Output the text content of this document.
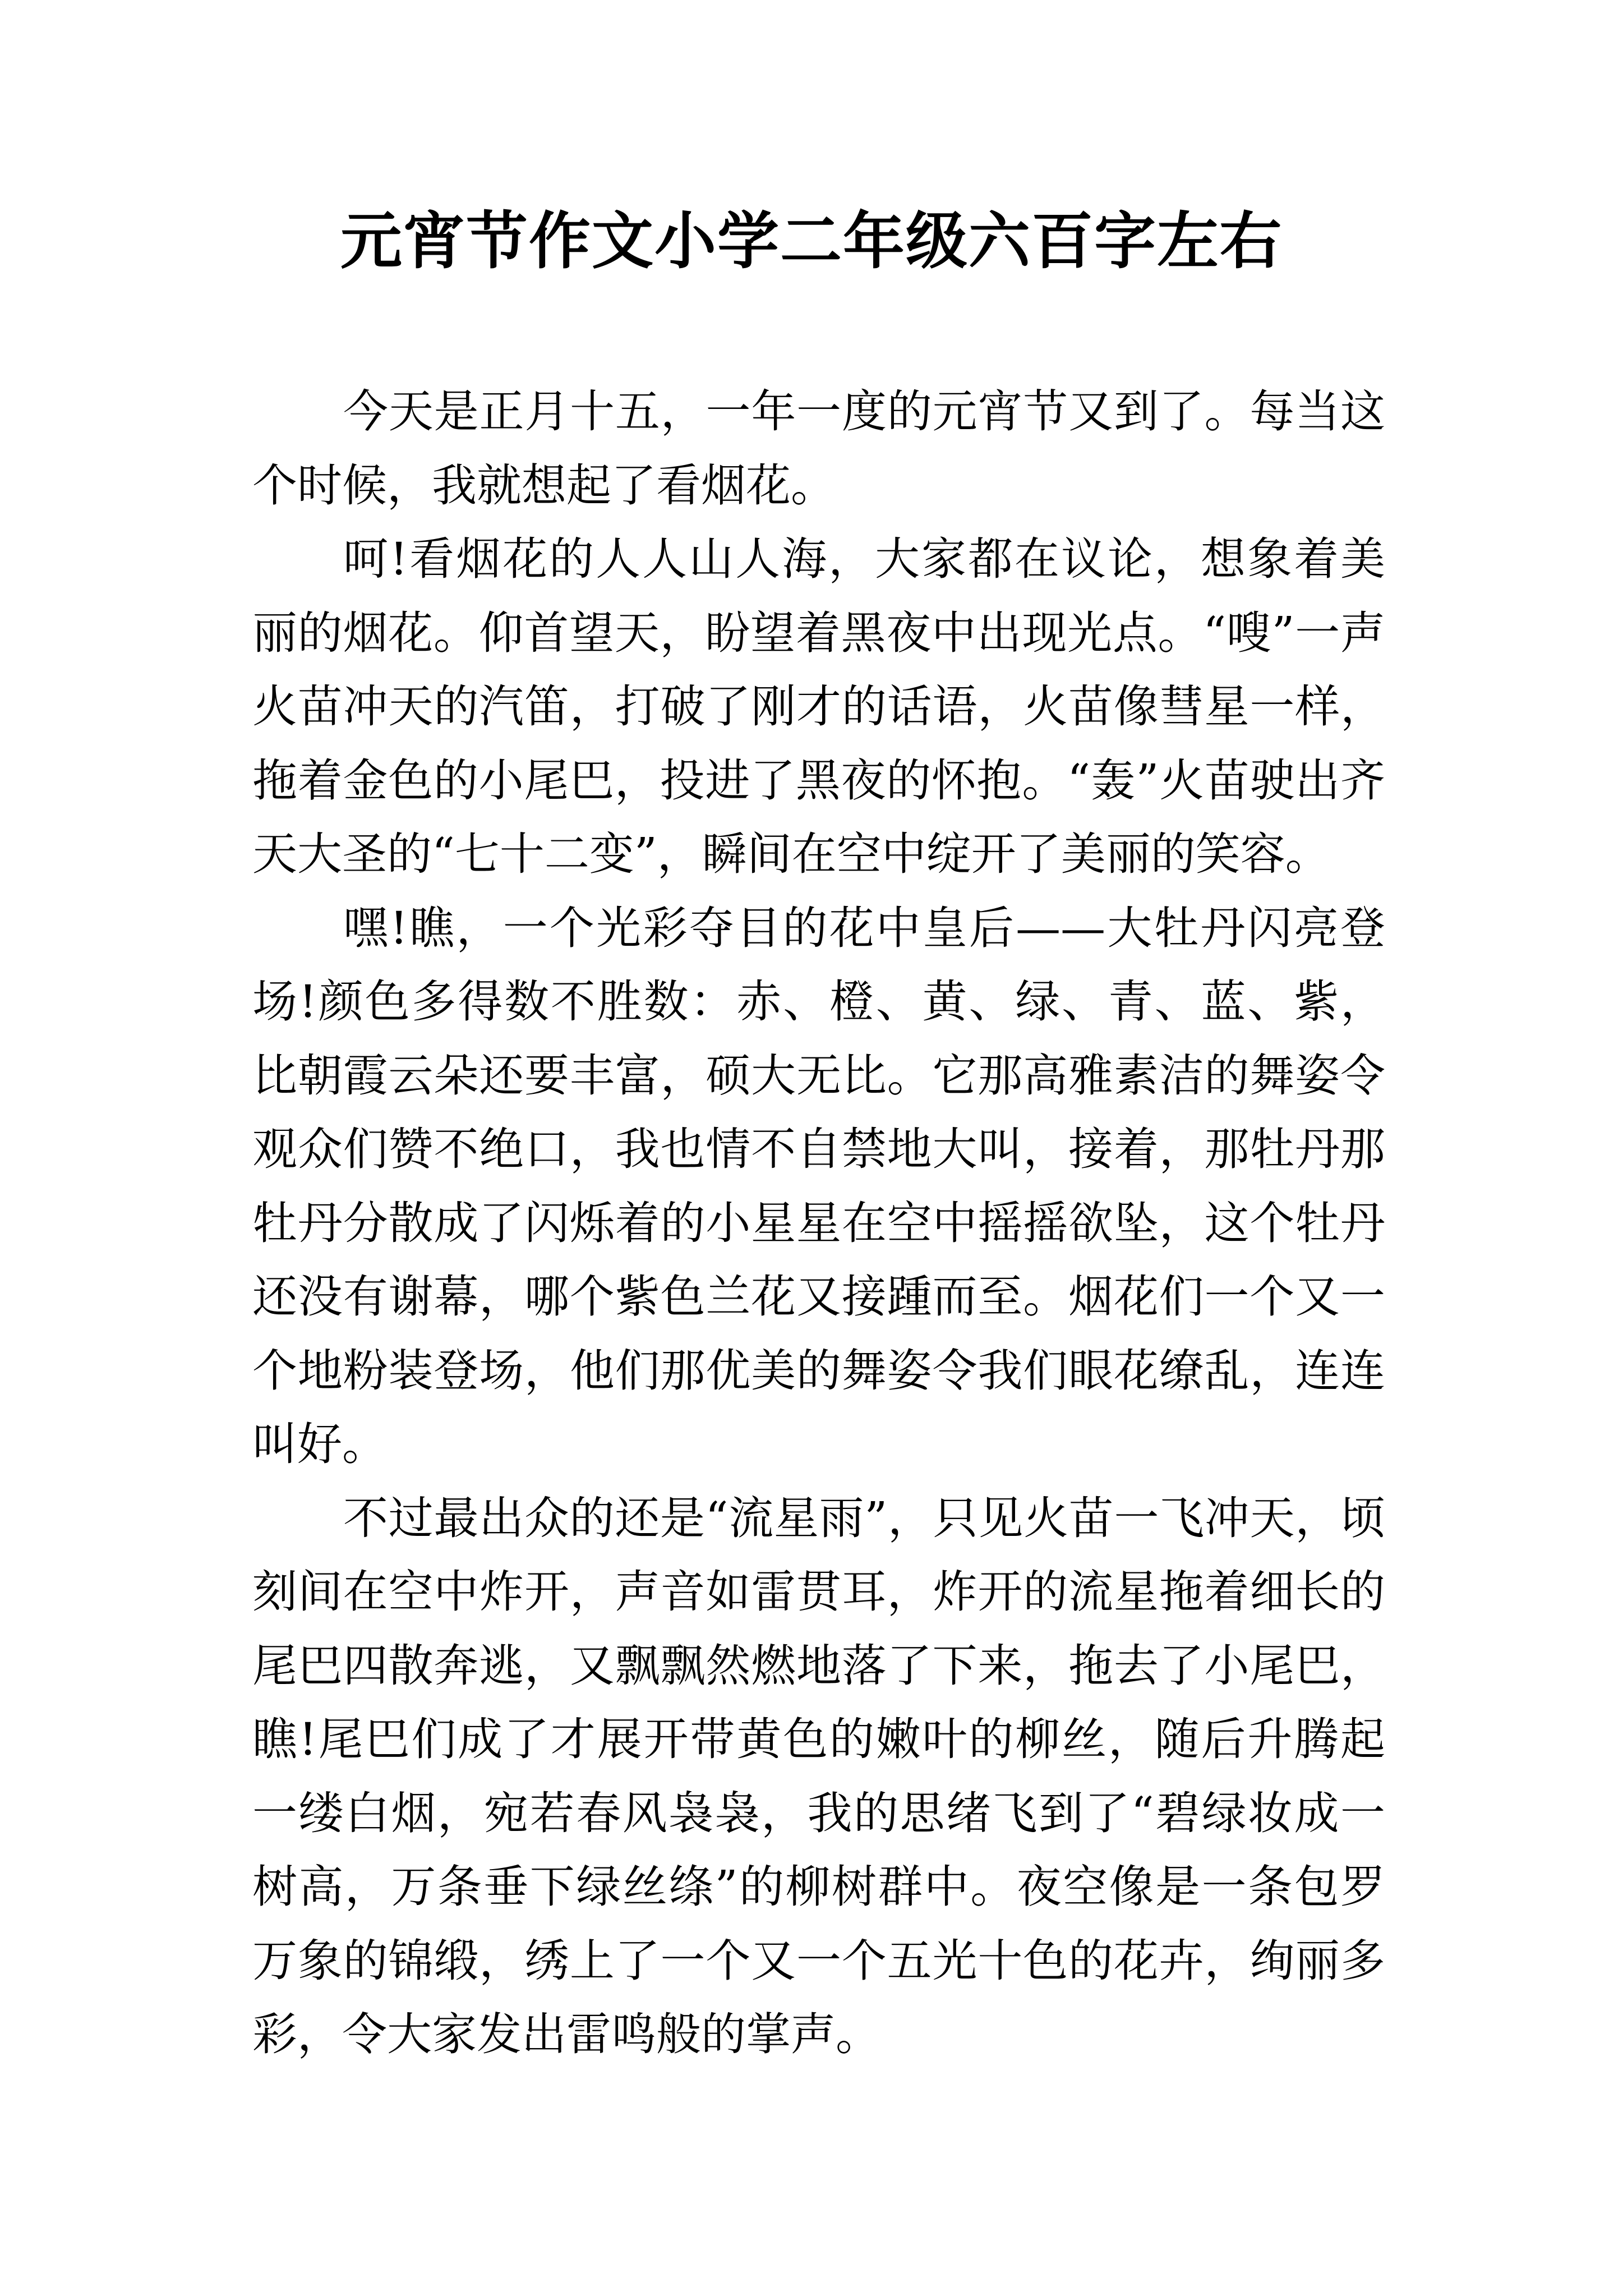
元宵节作文小学二年级六百字左右

今天是正月十五，一年一度的元宵节又到了。每当这个时候，我就想起了看烟花。

呵!看烟花的人人山人海，大家都在议论，想象着美丽的烟花。仰首望天，盼望着黑夜中出现光点。“嗖”一声火苗冲天的汽笛，打破了刚才的话语，火苗像彗星一样，拖着金色的小尾巴，投进了黑夜的怀抱。“轰”火苗驶出齐天大圣的“七十二变”，瞬间在空中绽开了美丽的笑容。

嘿!瞧，一个光彩夺目的花中皇后——大牡丹闪亮登场!颜色多得数不胜数：赤、橙、黄、绿、青、蓝、紫，比朝霞云朵还要丰富，硕大无比。它那高雅素洁的舞姿令观众们赞不绝口，我也情不自禁地大叫，接着，那牡丹那牡丹分散成了闪烁着的小星星在空中摇摇欲坠，这个牡丹还没有谢幕，哪个紫色兰花又接踵而至。烟花们一个又一个地粉装登场，他们那优美的舞姿令我们眼花缭乱，连连叫好。

不过最出众的还是“流星雨”，只见火苗一飞冲天，顷刻间在空中炸开，声音如雷贯耳，炸开的流星拖着细长的尾巴四散奔逃，又飘飘然燃地落了下来，拖去了小尾巴，瞧!尾巴们成了才展开带黄色的嫩叶的柳丝，随后升腾起一缕白烟，宛若春风袅袅，我的思绪飞到了“碧绿妆成一树高，万条垂下绿丝绦”的柳树群中。夜空像是一条包罗万象的锦缎，绣上了一个又一个五光十色的花卉，绚丽多彩，令大家发出雷鸣般的掌声。
